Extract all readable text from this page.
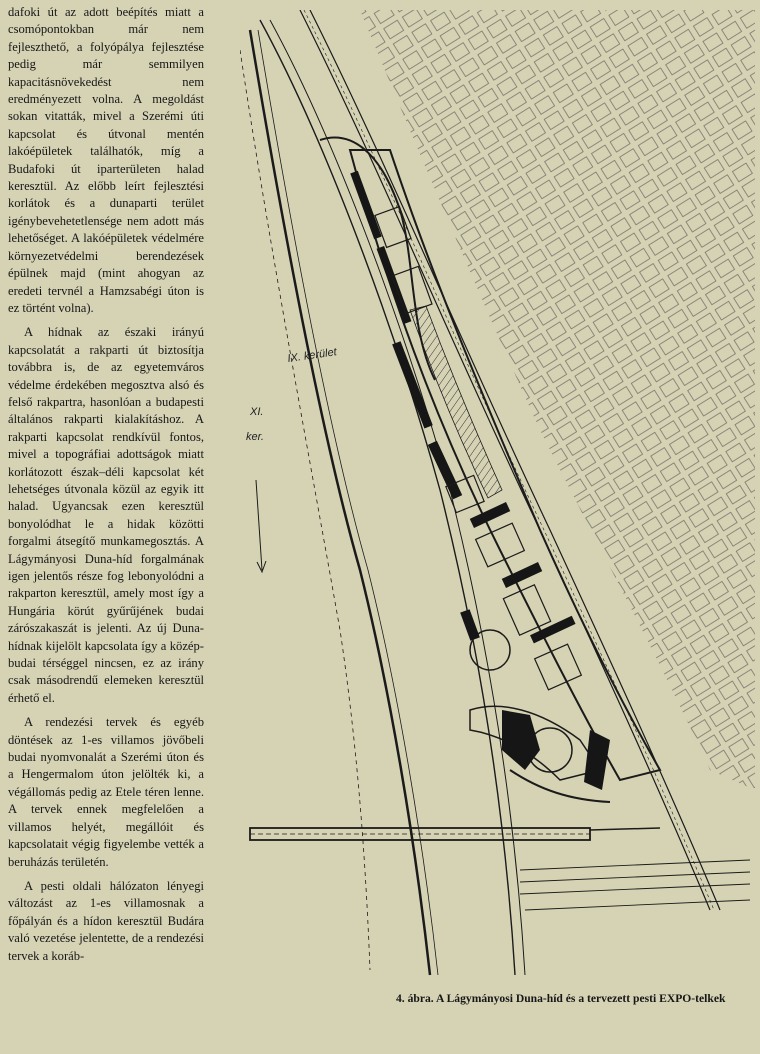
dafoki út az adott beépítés miatt a csomópontokban már nem fejleszthető, a folyópálya fejlesztése pedig már semmilyen kapacitásnövekedést nem eredményezett volna. A megoldást sokan vitatták, mivel a Szerémi úti kapcsolat és útvonal mentén lakóépületek találhatók, míg a Budafoki út iparterületen halad keresztül. Az előbb leírt fejlesztési korlátok és a dunaparti terület igénybevehetetlensége nem adott más lehetőséget. A lakóépületek védelmére környezetvédelmi berendezések épülnek majd (mint ahogyan az eredeti tervnél a Hamzsabégi úton is ez történt volna).

A hídnak az északi irányú kapcsolatát a rakparti út biztosítja továbbra is, de az egyetemváros védelme érdekében megosztva alsó és felső rakpartra, hasonlóan a budapesti általános rakparti kialakításhoz. A rakparti kapcsolat rendkívül fontos, mivel a topográfiai adottságok miatt korlátozott észak–déli kapcsolat két lehetséges útvonala közül az egyik itt halad. Ugyancsak ezen keresztül bonyolódhat le a hidak közötti forgalmi átsegítő munkamegosztás. A Lágymányosi Duna-híd forgalmának igen jelentős része fog lebonyolódni a rakparton keresztül, amely most így a Hungária körút gyűrűjének budai zárószakaszát is jelenti. Az új Duna-hídnak kijelölt kapcsolata így a közép-budai térséggel nincsen, ez az irány csak másodrendű elemeken keresztül érhető el.

A rendezési tervek és egyéb döntések az 1-es villamos jövőbeli budai nyomvonalát a Szerémi úton és a Hengermalom úton jelölték ki, a végállomás pedig az Etele téren lenne. A tervek ennek megfelelően a villamos helyét, megállóit és kapcsolatait végig figyelembe vették a beruházás területén.

A pesti oldali hálózaton lényegi változást az 1-es villamosnak a főpályán és a hídon keresztül Budára való vezetése jelentette, de a rendezési tervek a koráb-

IX. kerület
XI.
ker.
4. ábra. A Lágymányosi Duna-híd és a tervezett pesti EXPO-telkek
